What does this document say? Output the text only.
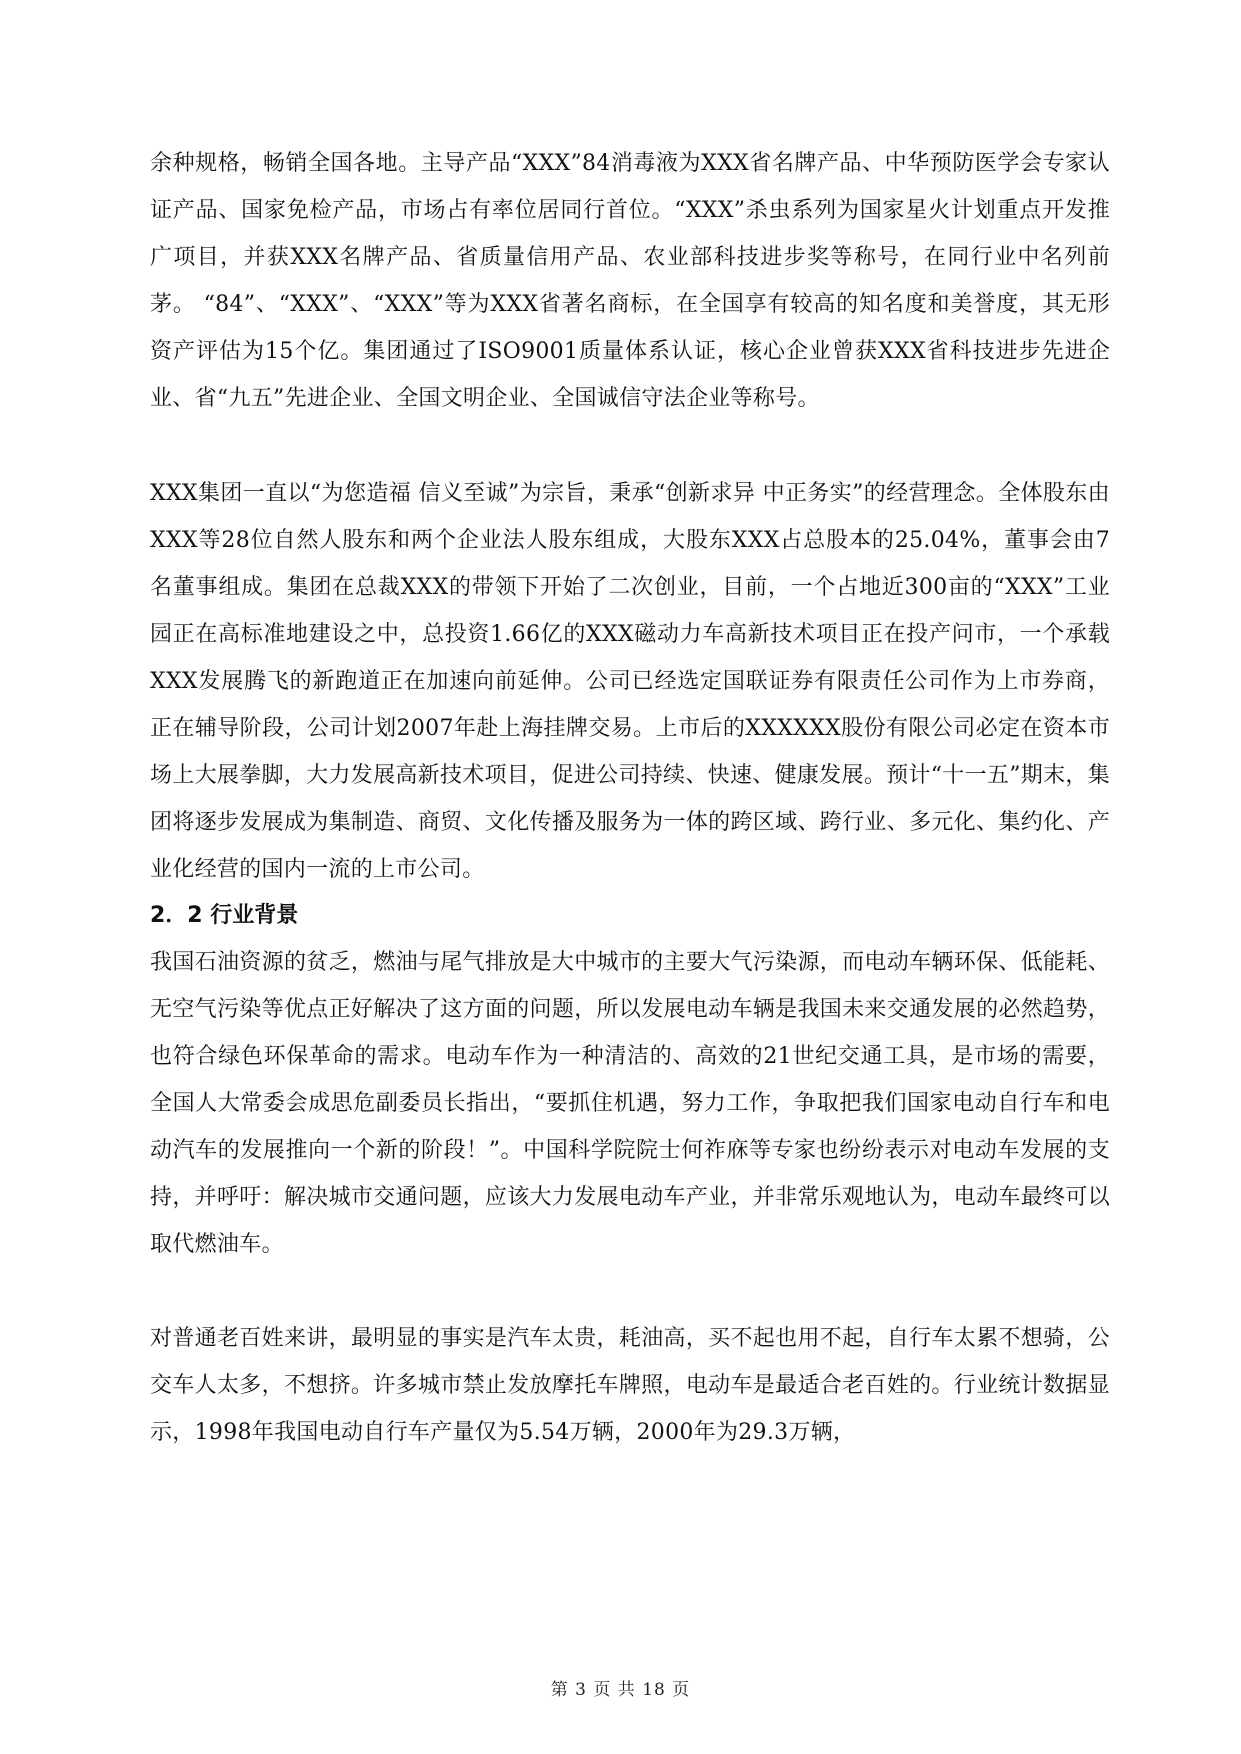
余种规格，畅销全国各地。主导产品“XXX”84消毒液为XXX省名牌产品、中华预防医学会专家认证产品、国家免检产品，市场占有率位居同行首位。“XXX”杀虫系列为国家星火计划重点开发推广项目，并获XXX名牌产品、省质量信用产品、农业部科技进步奖等称号，在同行业中名列前茅。 “84”、“XXX”、“XXX”等为XXX省著名商标，在全国享有较高的知名度和美誉度，其无形资产评估为15个亿。集团通过了ISO9001质量体系认证，核心企业曾获XXX省科技进步先进企业、省“九五”先进企业、全国文明企业、全国诚信守法企业等称号。

XXX集团一直以“为您造福 信义至诚”为宗旨，秉承“创新求异 中正务实”的经营理念。全体股东由XXX等28位自然人股东和两个企业法人股东组成，大股东XXX占总股本的25.04%，董事会由7名董事组成。集团在总裁XXX的带领下开始了二次创业，目前，一个占地近300亩的“XXX”工业园正在高标准地建设之中，总投资1.66亿的XXX磁动力车高新技术项目正在投产问市，一个承载XXX发展腾飞的新跑道正在加速向前延伸。公司已经选定国联证券有限责任公司作为上市券商，正在辅导阶段，公司计划2007年赴上海挂牌交易。上市后的XXXXXX股份有限公司必定在资本市场上大展拳脚，大力发展高新技术项目，促进公司持续、快速、健康发展。预计“十一五”期末，集团将逐步发展成为集制造、商贸、文化传播及服务为一体的跨区域、跨行业、多元化、集约化、产业化经营的国内一流的上市公司。

2．2 行业背景

我国石油资源的贫乏，燃油与尾气排放是大中城市的主要大气污染源，而电动车辆环保、低能耗、无空气污染等优点正好解决了这方面的问题，所以发展电动车辆是我国未来交通发展的必然趋势，也符合绿色环保革命的需求。电动车作为一种清洁的、高效的21世纪交通工具，是市场的需要，全国人大常委会成思危副委员长指出，“要抓住机遇，努力工作，争取把我们国家电动自行车和电动汽车的发展推向一个新的阶段！”。中国科学院院士何祚庥等专家也纷纷表示对电动车发展的支持，并呼吁：解决城市交通问题，应该大力发展电动车产业，并非常乐观地认为，电动车最终可以取代燃油车。

对普通老百姓来讲，最明显的事实是汽车太贵，耗油高，买不起也用不起，自行车太累不想骑，公交车人太多，不想挤。许多城市禁止发放摩托车牌照，电动车是最适合老百姓的。行业统计数据显示，1998年我国电动自行车产量仅为5.54万辆，2000年为29.3万辆，

第 3 页 共 18 页
